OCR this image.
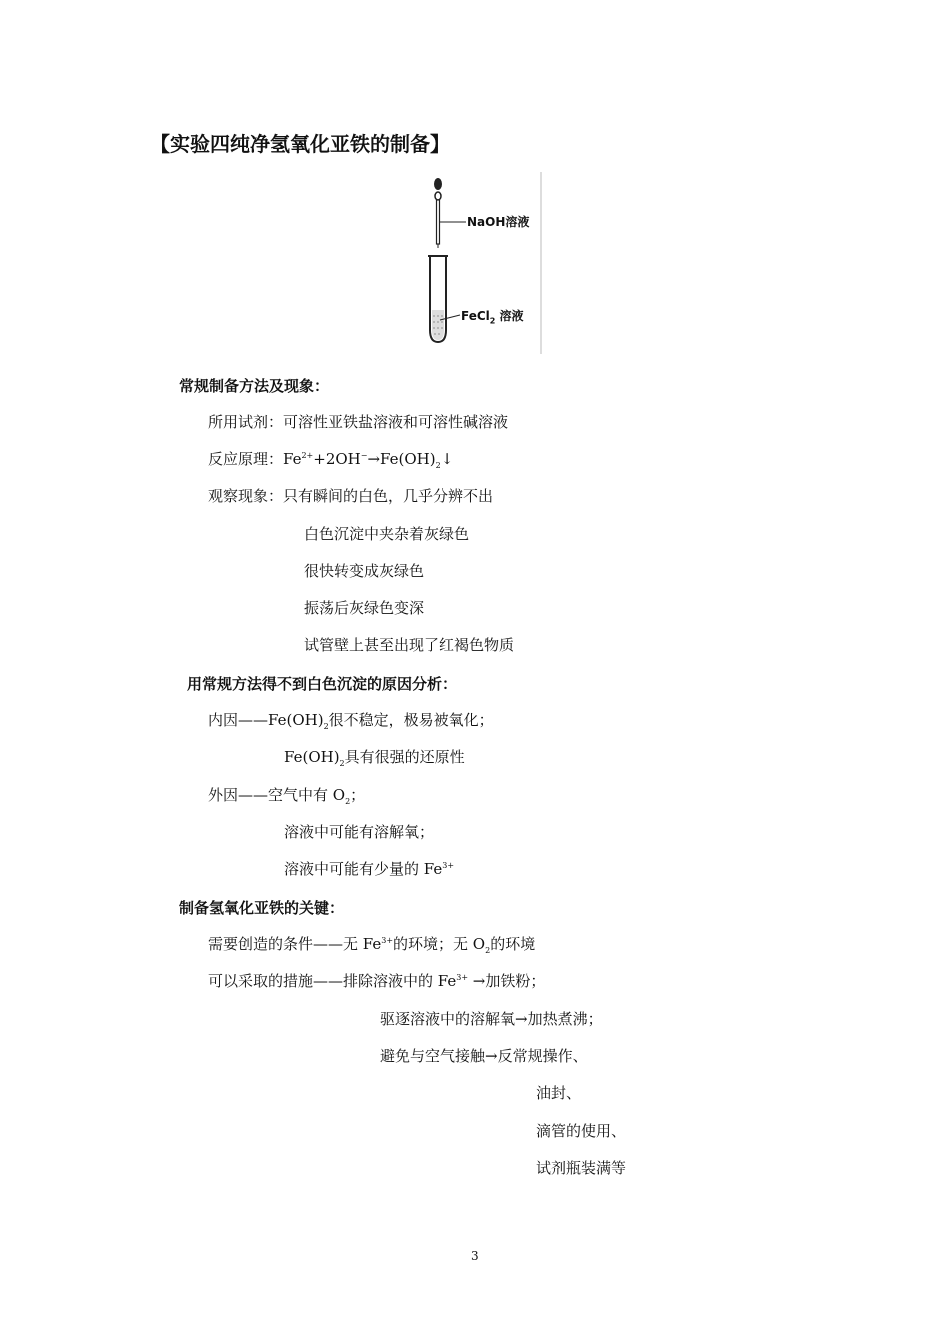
【实验四纯净氢氧化亚铁的制备】
NaOH溶液
FeCl$_2$ 溶液
常规制备方法及现象：
所用试剂：可溶性亚铁盐溶液和可溶性碱溶液
反应原理：$Fe^{2+}+2OH^-\to Fe(OH)_2↓$
观察现象：只有瞬间的白色，几乎分辨不出
白色沉淀中夹杂着灰绿色
很快转变成灰绿色
振荡后灰绿色变深
试管壁上甚至出现了红褐色物质
用常规方法得不到白色沉淀的原因分析：
内因$——Fe(OH)_2$很不稳定，极易被氧化；
$Fe(OH)_2$具有很强的还原性
外因——空气中有 $O_2$；
溶液中可能有溶解氧；
溶液中可能有少量的 $Fe^{3+}$
制备氢氧化亚铁的关键：
需要创造的条件——无 $Fe^{3+}$的环境；无 $O_2$的环境
可以采取的措施——排除溶液中的 $Fe^{3+}$ →加铁粉；
驱逐溶液中的溶解氧→加热煮沸；
避免与空气接触→反常规操作、
油封、
滴管的使用、
试剂瓶装满等
3
